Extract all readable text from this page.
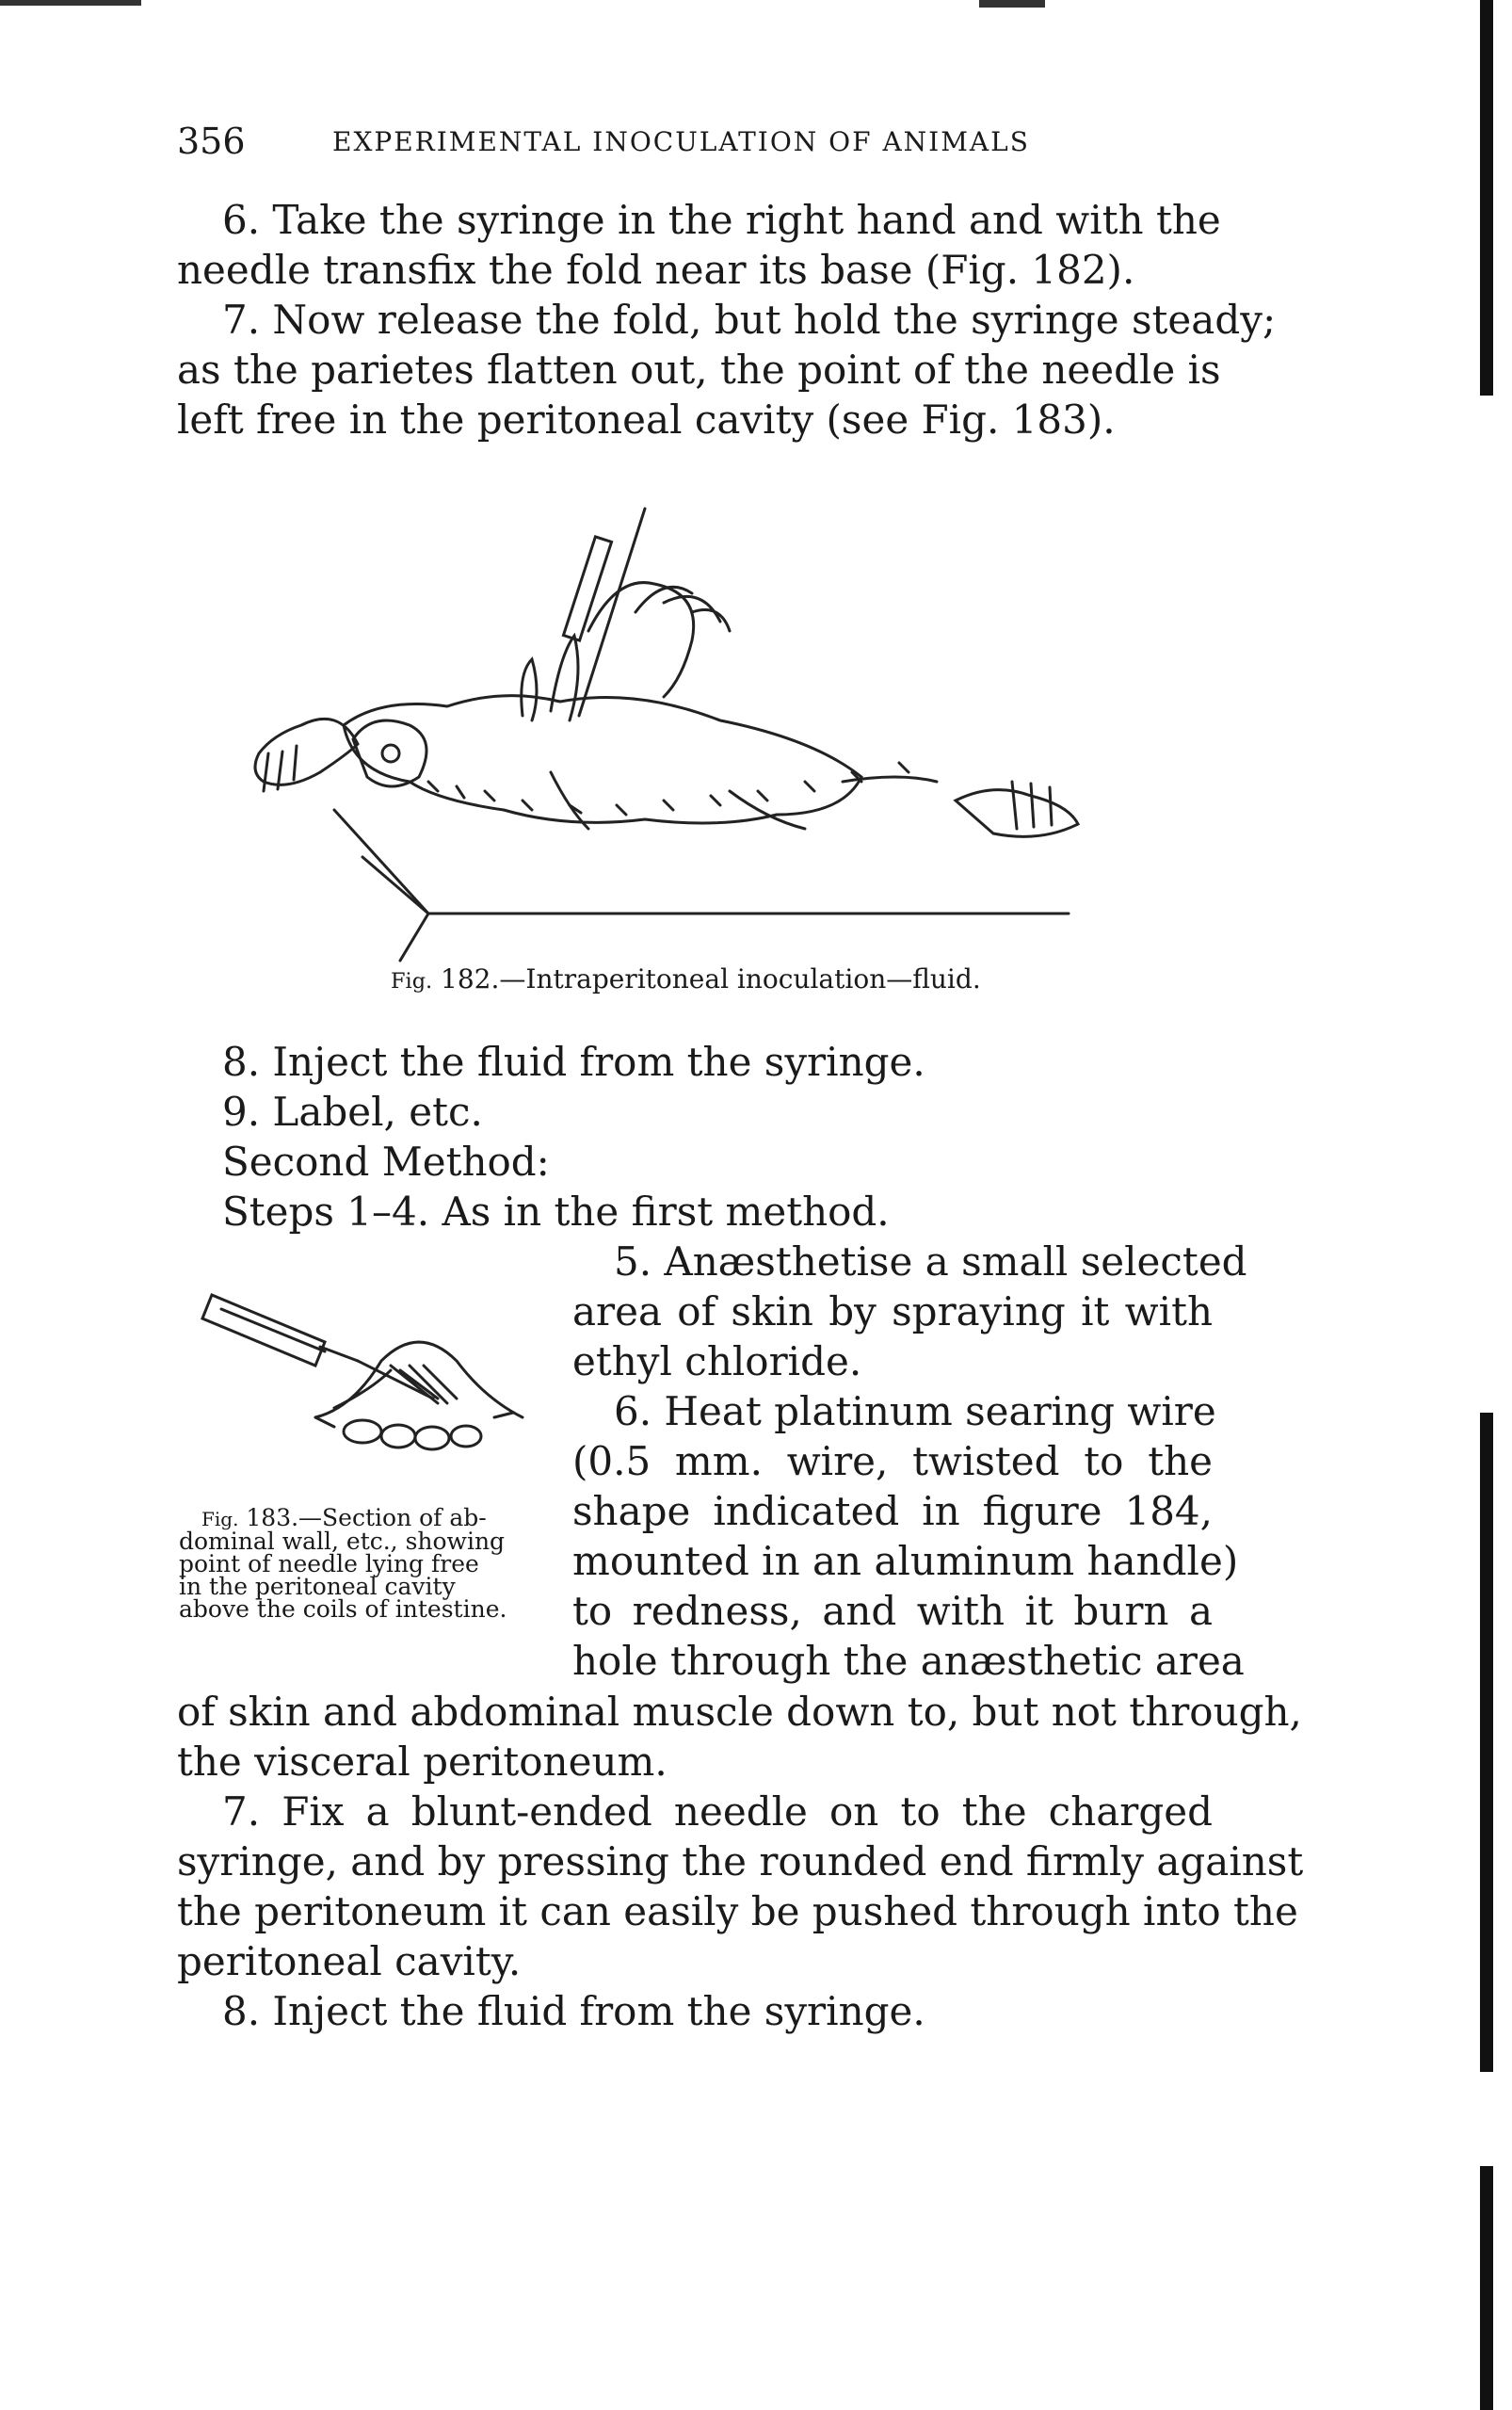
356	EXPERIMENTAL INOCULATION OF ANIMALS
6. Take the syringe in the right hand and with the
needle transfix the fold near its base (Fig. 182).
7. Now release the fold, but hold the syringe steady;
as the parietes flatten out, the point of the needle is
left free in the peritoneal cavity (see Fig. 183).
Fig. 182.—Intraperitoneal inoculation—fluid.
8. Inject the fluid from the syringe.
9. Label, etc.
Second Method:
Steps 1–4. As in the first method.
5. Anæsthetise a small selected
area of skin by spraying it with
ethyl chloride.
6. Heat platinum searing wire
(0.5 mm. wire, twisted to the
shape indicated in figure 184,
mounted in an aluminum handle)
to redness, and with it burn a
hole through the anæsthetic area
Fig. 183.—Section of ab-
dominal wall, etc., showing
point of needle lying free
in the peritoneal cavity
above the coils of intestine.
of skin and abdominal muscle down to, but not through,
the visceral peritoneum.
7. Fix a blunt-ended needle on to the charged
syringe, and by pressing the rounded end firmly against
the peritoneum it can easily be pushed through into the
peritoneal cavity.
8. Inject the fluid from the syringe.
